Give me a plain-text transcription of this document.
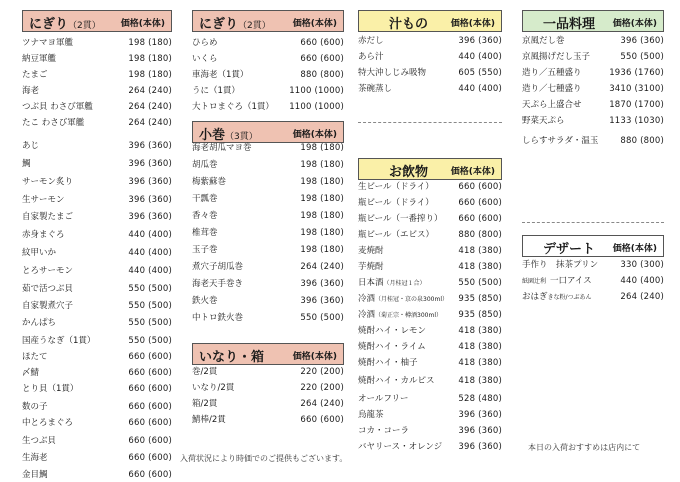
にぎり（2貫） 価格(本体)
ツナマヨ軍艦	198 (180)
納豆軍艦	198 (180)
たまご	198 (180)
海老	264 (240)
つぶ貝 わさび軍艦	264 (240)
たこ わさび軍艦	264 (240)
あじ	396 (360)
鯛	396 (360)
サーモン炙り	396 (360)
生サーモン	396 (360)
自家製たまご	396 (360)
赤身まぐろ	440 (400)
紋甲いか	440 (400)
とろサーモン	440 (400)
茹で活つぶ貝	550 (500)
自家製煮穴子	550 (500)
かんぱち	550 (500)
国産うなぎ（1貫）	550 (500)
ほたて	660 (600)
〆鯖	660 (600)
とり貝（1貫）	660 (600)
数の子	660 (600)
中とろまぐろ	660 (600)
生つぶ貝	660 (600)
生海老	660 (600)
金目鯛	660 (600)
にぎり（2貫） 価格(本体)
ひらめ	660 (600)
いくら	660 (600)
車海老（1貫）	880 (800)
うに（1貫）	1100 (1000)
大トロまぐろ（1貫） 1100 (1000)
小巻（3貫）	価格(本体)
海老胡瓜マヨ巻	198 (180)
胡瓜巻	198 (180)
梅紫蘇巻	198 (180)
干瓢巻	198 (180)
香々巻	198 (180)
椎茸巻	198 (180)
玉子巻	198 (180)
煮穴子胡瓜巻	264 (240)
海老天手巻き	396 (360)
鉄火巻	396 (360)
中トロ鉄火巻	550 (500)
いなり・箱	価格(本体)
巻/2貫	220 (200)
いなり/2貫	220 (200)
箱/2貫	264 (240)
鯖棒/2貫	660 (600)
汁もの	価格(本体)
赤だし	396 (360)
あら汁	440 (400)
特大沖しじみ吸物	605 (550)
茶碗蒸し	440 (400)
お飲物	価格(本体)
生ビール（ドライ）	660 (600)
瓶ビール（ドライ）	660 (600)
瓶ビール（一番搾り） 660 (600)
瓶ビール（エビス）	880 (800)
麦焼酎	418 (380)
芋焼酎	418 (380)
日本酒（月桂冠１合）	550 (500)
冷酒（月桂冠・京の泉300ml） 935 (850)
冷酒（菊正宗・樽酒300ml） 935 (850)
焼酎ハイ・レモン	418 (380)
焼酎ハイ・ライム	418 (380)
焼酎ハイ・柚子	418 (380)
焼酎ハイ・カルピス	418 (380)
オールフリー	528 (480)
烏龍茶	396 (360)
コカ・コーラ	396 (360)
バヤリース・オレンジ 396 (360)
一品料理 価格(本体)
京風だし巻	396 (360)
京風揚げだし玉子	550 (500)
造り／五種盛り	1936 (1760)
造り／七種盛り	3410 (3100)
天ぷら上盛合せ	1870 (1700)
野菜天ぷら	1133 (1030)
しらすサラダ・温玉	880 (800)
デザート 価格(本体)
手作り　抹茶プリン	330 (300)
紙園辻利 一口アイス	440 (400)
おはぎきな粉/つぶあん	264 (240)
入荷状況により時価でのご提供もございます。
本日の入荷おすすめは店内にて
